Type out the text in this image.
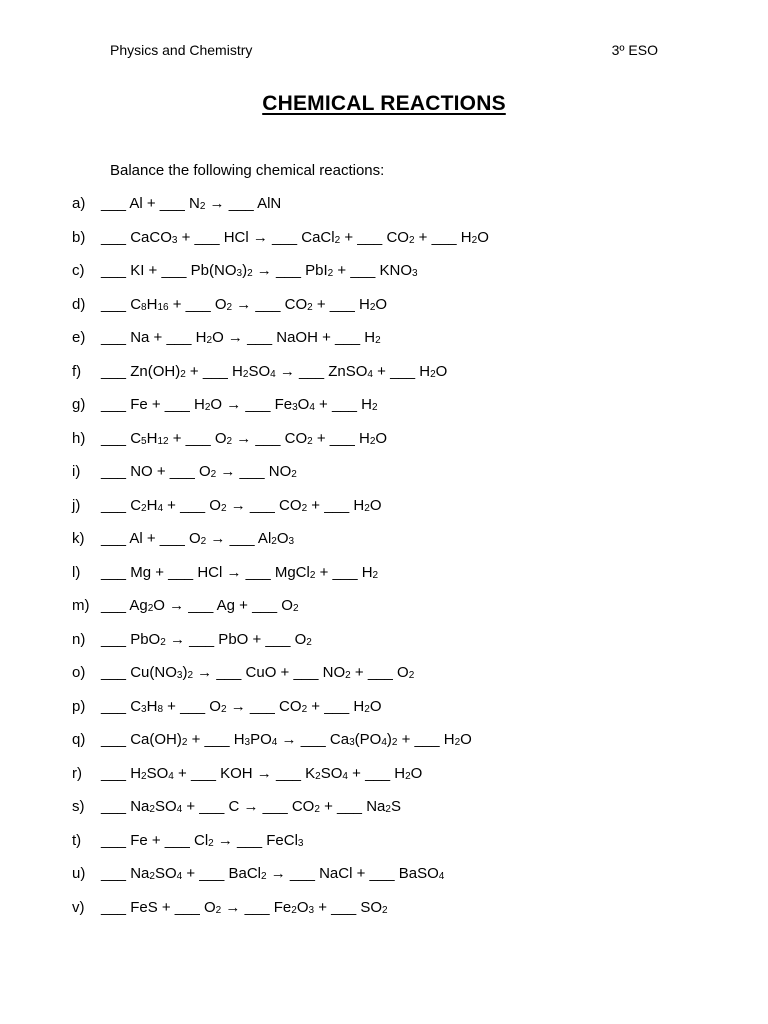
Physics and Chemistry	3º ESO
CHEMICAL REACTIONS
Balance the following chemical reactions:
a) ___ Al + ___ $N_2$ → ___ AlN
b) ___ CaCO$_3$ + ___ HCl → ___ CaCl$_2$ + ___ $CO_2$ + ___ $H_2O$
c) ___ KI + ___ $Pb(NO_3)_2$ → ___ PbI$_2$ + ___ $KNO_3$
d) ___ $C_8H_{16}$ + ___ $O_2$ → ___ $CO_2$ + ___ $H_2O$
e) ___ Na + ___ $H_2O$ → ___ NaOH + ___ $H_2$
f) ___ $Zn(OH)_2$ + ___ $H_2SO_4$ → ___ ZnSO$_4$ + ___ $H_2O$
g) ___ Fe + ___ $H_2O$ → ___ $Fe_3O_4$ + ___ $H_2$
h) ___ $C_5H_{12}$ + ___ $O_2$ → ___ $CO_2$ + ___ $H_2O$
i) ___ NO + ___ $O_2$ → ___ $NO_2$
j) ___ $C_2H_4$ + ___ $O_2$ → ___ $CO_2$ + ___ $H_2O$
k) ___ Al + ___ $O_2$ → ___ $Al_2O_3$
l) ___ Mg + ___ HCl → ___ MgCl$_2$ + ___ $H_2$
m) ___ $Ag_2O$ → ___ Ag + ___ $O_2$
n) ___ PbO$_2$ → ___ PbO + ___ $O_2$
o) ___ $Cu(NO_3)_2$ → ___ CuO + ___ $NO_2$ + ___ $O_2$
p) ___ $C_3H_8$ + ___ $O_2$ → ___ $CO_2$ + ___ $H_2O$
q) ___ $Ca(OH)_2$ + ___ $H_3PO_4$ → ___ $Ca_3(PO_4)_2$ + ___ $H_2O$
r) ___ $H_2SO_4$ + ___ KOH → ___ $K_2SO_4$ + ___ $H_2O$
s) ___ $Na_2SO_4$ + ___ C → ___ $CO_2$ + ___ $Na_2S$
t) ___ Fe + ___ $Cl_2$ → ___ FeCl$_3$
u) ___ $Na_2SO_4$ + ___ BaCl$_2$ → ___ NaCl + ___ BaSO$_4$
v) ___ FeS + ___ $O_2$ → ___ $Fe_2O_3$ + ___ $SO_2$
